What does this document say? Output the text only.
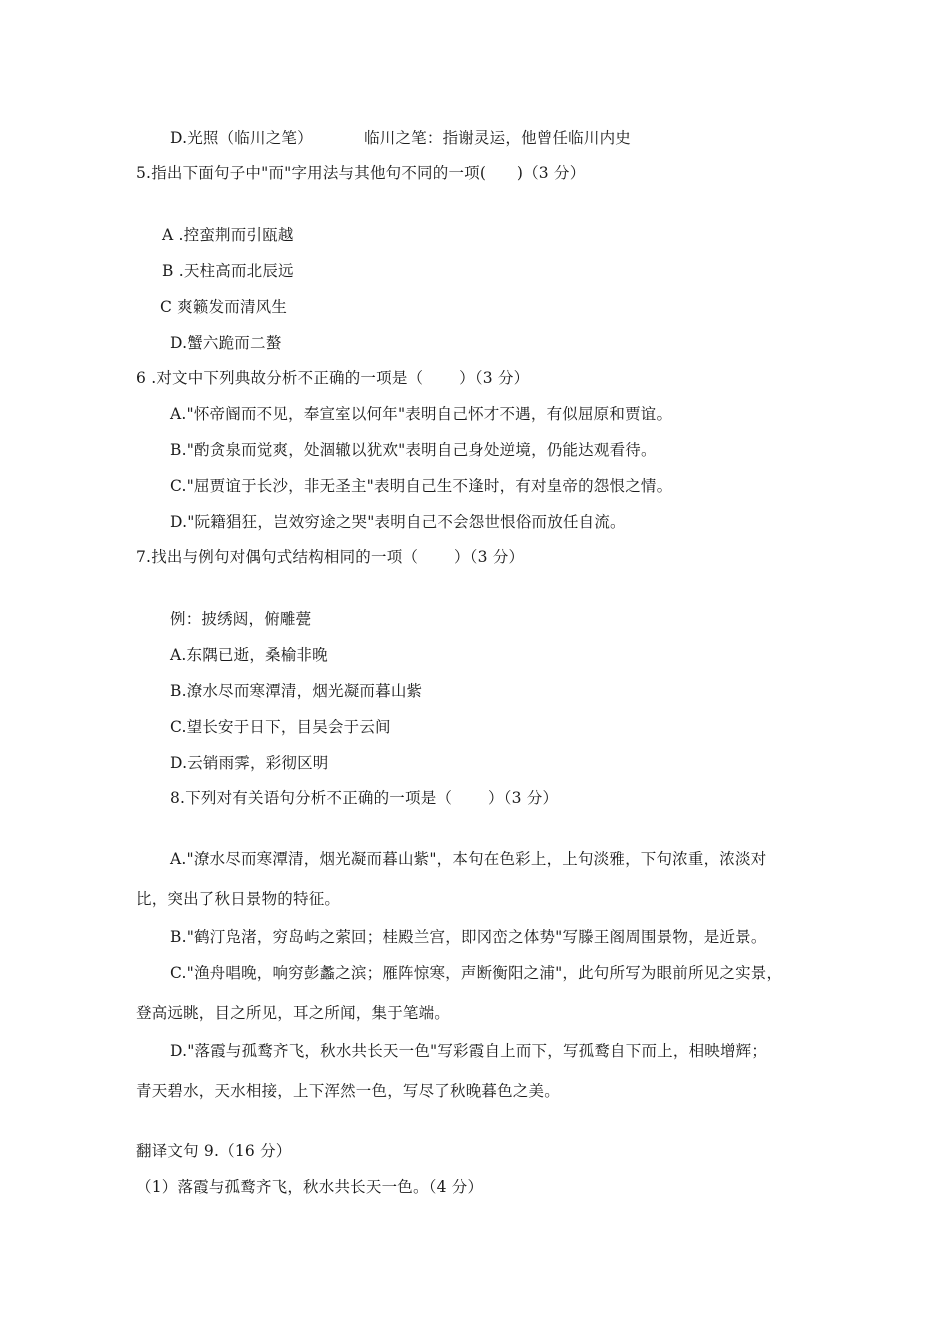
D.光照（临川之笔）          临川之笔：指谢灵运，他曾任临川内史
5.指出下面句子中"而"字用法与其他句不同的一项(      )（3 分）
A .控蛮荆而引瓯越
B .天柱高而北辰远
C 爽籁发而清风生
D.蟹六跪而二螯
6 .对文中下列典故分析不正确的一项是（       ）（3 分）
A."怀帝阍而不见，奉宣室以何年"表明自己怀才不遇，有似屈原和贾谊。
B."酌贪泉而觉爽，处涸辙以犹欢"表明自己身处逆境，仍能达观看待。
C."屈贾谊于长沙，非无圣主"表明自己生不逢时，有对皇帝的怨恨之情。
D."阮籍猖狂，岂效穷途之哭"表明自己不会怨世恨俗而放任自流。
7.找出与例句对偶句式结构相同的一项（       ）（3 分）
例：披绣闼，俯雕甍
A.东隅已逝，桑榆非晚
B.潦水尽而寒潭清，烟光凝而暮山紫
C.望长安于日下，目吴会于云间
D.云销雨霁，彩彻区明
8.下列对有关语句分析不正确的一项是（       ）（3 分）
A."潦水尽而寒潭清，烟光凝而暮山紫"，本句在色彩上，上句淡雅，下句浓重，浓淡对
比，突出了秋日景物的特征。
B."鹤汀凫渚，穷岛屿之萦回；桂殿兰宫，即冈峦之体势"写滕王阁周围景物，是近景。
C."渔舟唱晚，响穷彭蠡之滨；雁阵惊寒，声断衡阳之浦"，此句所写为眼前所见之实景，
登高远眺，目之所见，耳之所闻，集于笔端。
D."落霞与孤鹜齐飞，秋水共长天一色"写彩霞自上而下，写孤鹜自下而上，相映增辉；
青天碧水，天水相接，上下浑然一色，写尽了秋晚暮色之美。
翻译文句 9.（16 分）
（1）落霞与孤鹜齐飞，秋水共长天一色。（4 分）
